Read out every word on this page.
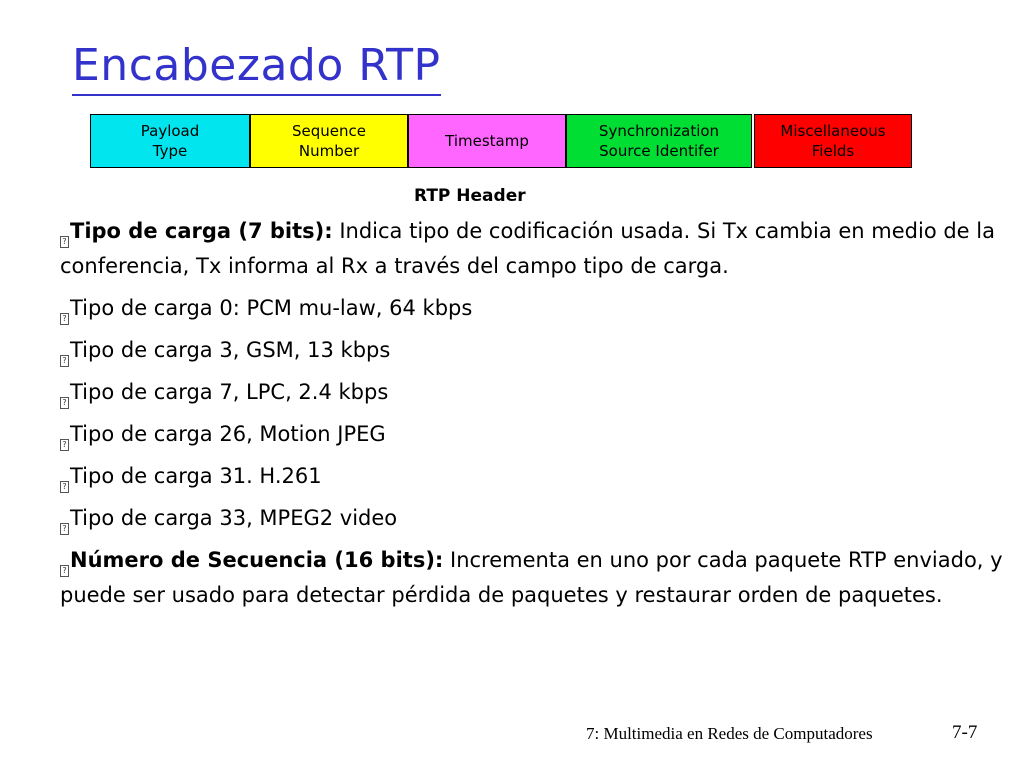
Encabezado RTP
Payload
Type
Sequence
Number
Timestamp
Synchronization
Source Identifer
Miscellaneous
Fields
RTP Header
? Tipo de carga (7 bits): Indica tipo de codificación usada. Si Tx cambia en medio de la conferencia, Tx informa al Rx a través del campo tipo de carga.
? Tipo de carga 0: PCM mu-law, 64 kbps
? Tipo de carga 3, GSM, 13 kbps
? Tipo de carga 7, LPC, 2.4 kbps
? Tipo de carga 26, Motion JPEG
? Tipo de carga 31. H.261
? Tipo de carga 33, MPEG2 video
? Número de Secuencia (16 bits): Incrementa en uno por cada paquete RTP enviado, y puede ser usado para detectar pérdida de paquetes y restaurar orden de paquetes.
7: Multimedia en Redes de Computadores	7-7
